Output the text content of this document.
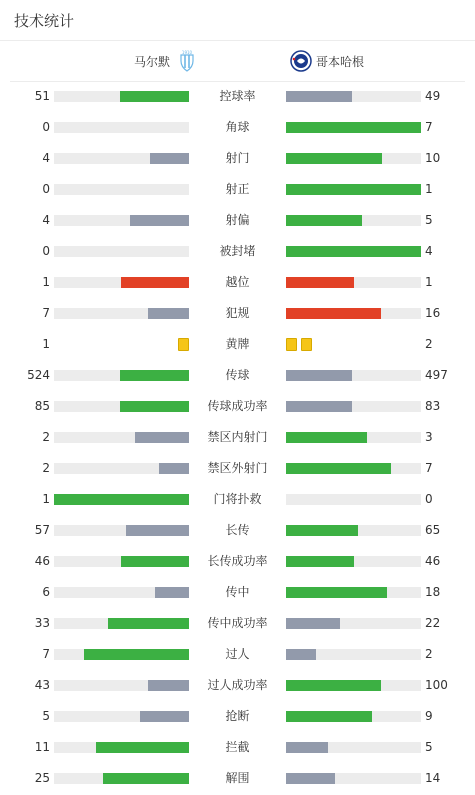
技术统计
马尔默
1910
哥本哈根
51	控球率	49
0	角球	7
4	射门	10
0	射正	1
4	射偏	5
0	被封堵	4
1	越位	1
7	犯规	16
1	黄牌	2
524	传球	497
85	传球成功率	83
2	禁区内射门	3
2	禁区外射门	7
1	门将扑救	0
57	长传	65
46	长传成功率	46
6	传中	18
33	传中成功率	22
7	过人	2
43	过人成功率	100
5	抢断	9
11	拦截	5
25	解围	14
